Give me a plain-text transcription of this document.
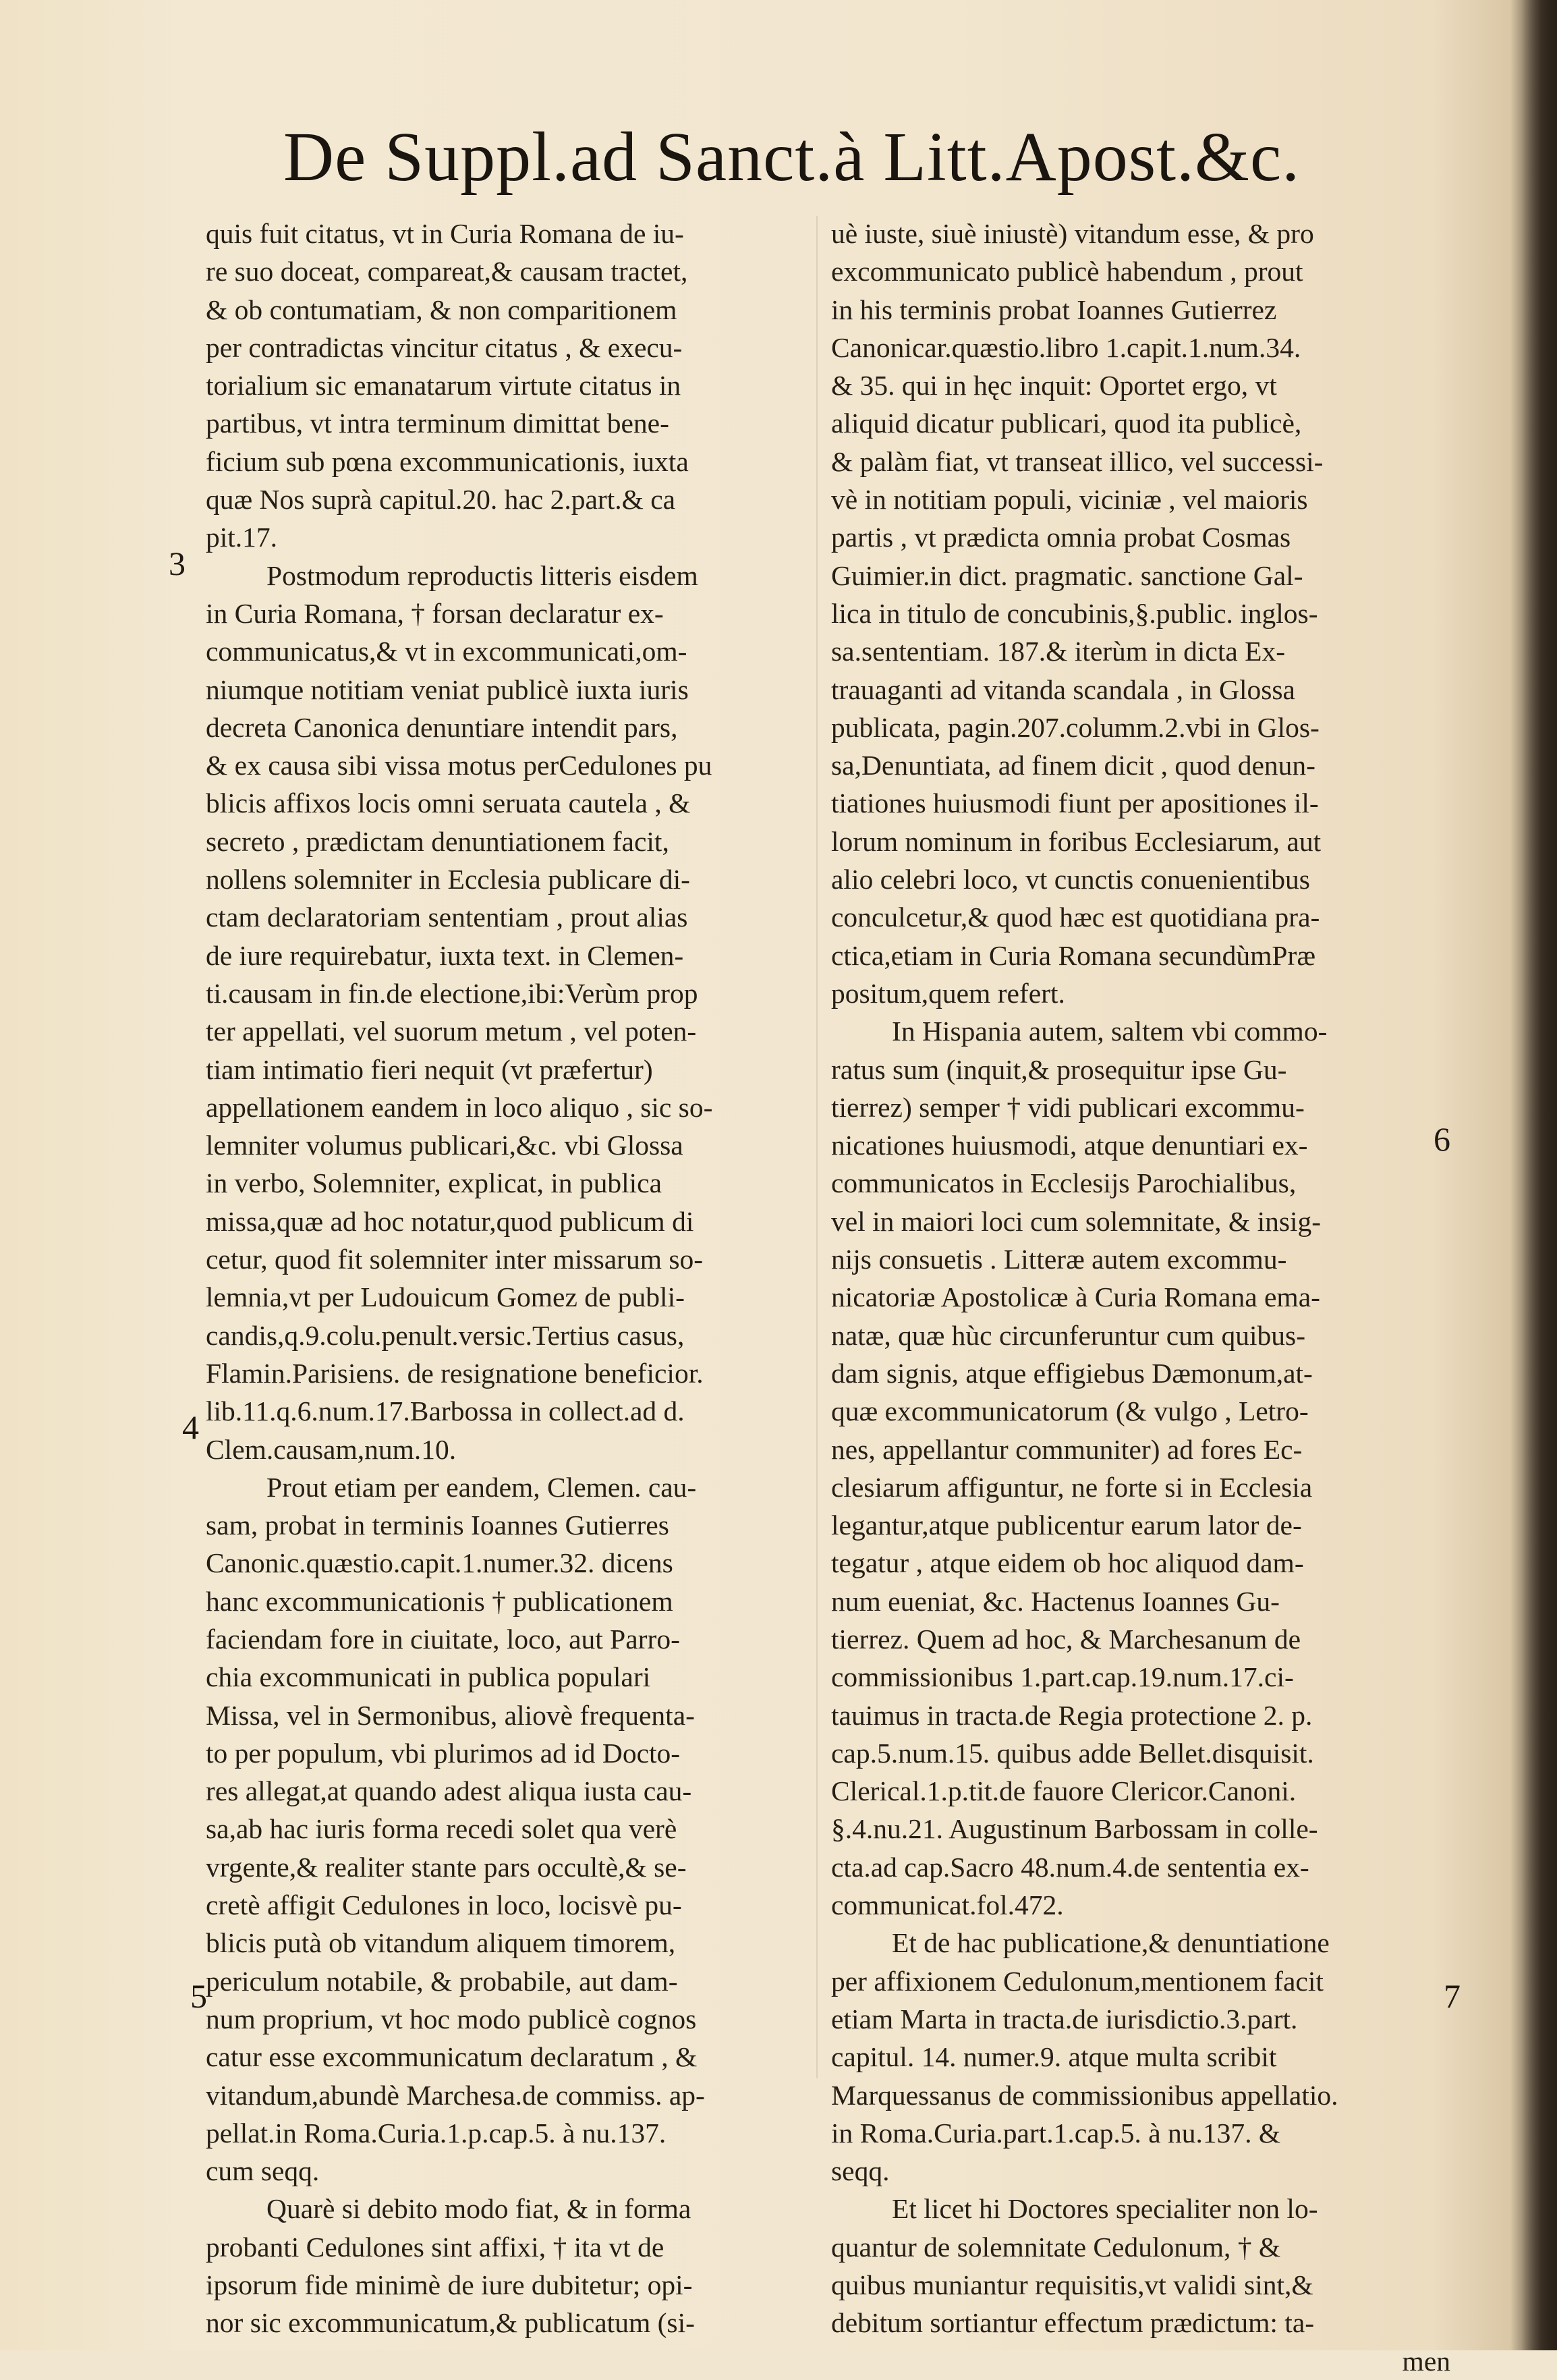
De Suppl.ad Sanct.à Litt.Apost.&c.
quis fuit citatus, vt in Curia Romana de iu-
re suo doceat, compareat,& causam tractet,
& ob contumatiam, & non comparitionem
per contradictas vincitur citatus , & execu-
torialium sic emanatarum virtute citatus in
partibus, vt intra terminum dimittat bene-
ficium sub pœna excommunicationis, iuxta
quæ Nos suprà capitul.20. hac 2.part.& ca
pit.17.
Postmodum reproductis litteris eisdem
in Curia Romana, † forsan declaratur ex-
communicatus,& vt in excommunicati,om-
niumque notitiam veniat publicè iuxta iuris
decreta Canonica denuntiare intendit pars,
& ex causa sibi vissa motus perCedulones pu
blicis affixos locis omni seruata cautela , &
secreto , prædictam denuntiationem facit,
nollens solemniter in Ecclesia publicare di-
ctam declaratoriam sententiam , prout alias
de iure requirebatur, iuxta text. in Clemen-
ti.causam in fin.de electione,ibi:Verùm prop
ter appellati, vel suorum metum , vel poten-
tiam intimatio fieri nequit (vt præfertur)
appellationem eandem in loco aliquo , sic so-
lemniter volumus publicari,&c. vbi Glossa
in verbo, Solemniter, explicat, in publica
missa,quæ ad hoc notatur,quod publicum di
cetur, quod fit solemniter inter missarum so-
lemnia,vt per Ludouicum Gomez de publi-
candis,q.9.colu.penult.versic.Tertius casus,
Flamin.Parisiens. de resignatione beneficior.
lib.11.q.6.num.17.Barbossa in collect.ad d.
Clem.causam,num.10.
Prout etiam per eandem, Clemen. cau-
sam, probat in terminis Ioannes Gutierres
Canonic.quæstio.capit.1.numer.32. dicens
hanc excommunicationis † publicationem
faciendam fore in ciuitate, loco, aut Parro-
chia excommunicati in publica populari
Missa, vel in Sermonibus, aliovè frequenta-
to per populum, vbi plurimos ad id Docto-
res allegat,at quando adest aliqua iusta cau-
sa,ab hac iuris forma recedi solet qua verè
vrgente,& realiter stante pars occultè,& se-
cretè affigit Cedulones in loco, locisvè pu-
blicis putà ob vitandum aliquem timorem,
periculum notabile, & probabile, aut dam-
num proprium, vt hoc modo publicè cognos
catur esse excommunicatum declaratum , &
vitandum,abundè Marchesa.de commiss. ap-
pellat.in Roma.Curia.1.p.cap.5. à nu.137.
cum seqq.
Quarè si debito modo fiat, & in forma
probanti Cedulones sint affixi, † ita vt de
ipsorum fide minimè de iure dubitetur; opi-
nor sic excommunicatum,& publicatum (si-
uè iuste, siuè iniustè) vitandum esse, & pro
excommunicato publicè habendum , prout
in his terminis probat Ioannes Gutierrez
Canonicar.quæstio.libro 1.capit.1.num.34.
& 35. qui in hęc inquit: Oportet ergo, vt
aliquid dicatur publicari, quod ita publicè,
& palàm fiat, vt transeat illico, vel successi-
vè in notitiam populi, viciniæ , vel maioris
partis , vt prædicta omnia probat Cosmas
Guimier.in dict. pragmatic. sanctione Gal-
lica in titulo de concubinis,§.public. inglos-
sa.sententiam. 187.& iterùm in dicta Ex-
trauaganti ad vitanda scandala , in Glossa
publicata, pagin.207.columm.2.vbi in Glos-
sa,Denuntiata, ad finem dicit , quod denun-
tiationes huiusmodi fiunt per apositiones il-
lorum nominum in foribus Ecclesiarum, aut
alio celebri loco, vt cunctis conuenientibus
conculcetur,& quod hæc est quotidiana pra-
ctica,etiam in Curia Romana secundùmPræ
positum,quem refert.
In Hispania autem, saltem vbi commo-
ratus sum (inquit,& prosequitur ipse Gu-
tierrez) semper † vidi publicari excommu-
nicationes huiusmodi, atque denuntiari ex-
communicatos in Ecclesijs Parochialibus,
vel in maiori loci cum solemnitate, & insig-
nijs consuetis . Litteræ autem excommu-
nicatoriæ Apostolicæ à Curia Romana ema-
natæ, quæ hùc circunferuntur cum quibus-
dam signis, atque effigiebus Dæmonum,at-
quæ excommunicatorum (& vulgo , Letro-
nes, appellantur communiter) ad fores Ec-
clesiarum affiguntur, ne forte si in Ecclesia
legantur,atque publicentur earum lator de-
tegatur , atque eidem ob hoc aliquod dam-
num eueniat, &c. Hactenus Ioannes Gu-
tierrez. Quem ad hoc, & Marchesanum de
commissionibus 1.part.cap.19.num.17.ci-
tauimus in tracta.de Regia protectione 2. p.
cap.5.num.15. quibus adde Bellet.disquisit.
Clerical.1.p.tit.de fauore Clericor.Canoni.
§.4.nu.21. Augustinum Barbossam in colle-
cta.ad cap.Sacro 48.num.4.de sententia ex-
communicat.fol.472.
Et de hac publicatione,& denuntiatione
per affixionem Cedulonum,mentionem facit
etiam Marta in tracta.de iurisdictio.3.part.
capitul. 14. numer.9. atque multa scribit
Marquessanus de commissionibus appellatio.
in Roma.Curia.part.1.cap.5. à nu.137. &
seqq.
Et licet hi Doctores specialiter non lo-
quantur de solemnitate Cedulonum, † &
quibus muniantur requisitis,vt validi sint,&
debitum sortiantur effectum prædictum: ta-
men
3
4
5
6
7
